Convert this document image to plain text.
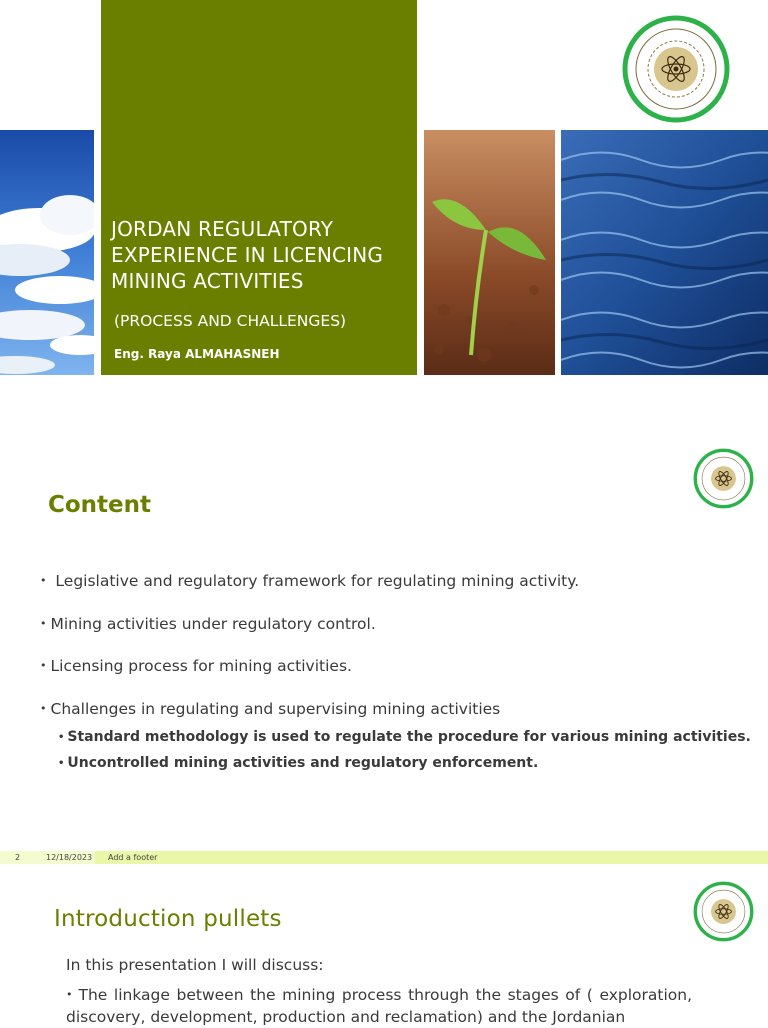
JORDAN REGULATORY EXPERIENCE IN LICENCING MINING ACTIVITIES
(PROCESS AND CHALLENGES)
Eng. Raya ALMAHASNEH
Content
• Legislative and regulatory framework for regulating mining activity.
• Mining activities under regulatory control.
• Licensing process for mining activities.
• Challenges in regulating and supervising mining activities
• Standard methodology is used to regulate the procedure for various mining activities.
• Uncontrolled mining activities and regulatory enforcement.
2	12/18/2023 Add a footer
Introduction pullets
In this presentation I will discuss:
• The linkage between the mining process through the stages of ( exploration, discovery, development, production and reclamation) and the Jordanian
